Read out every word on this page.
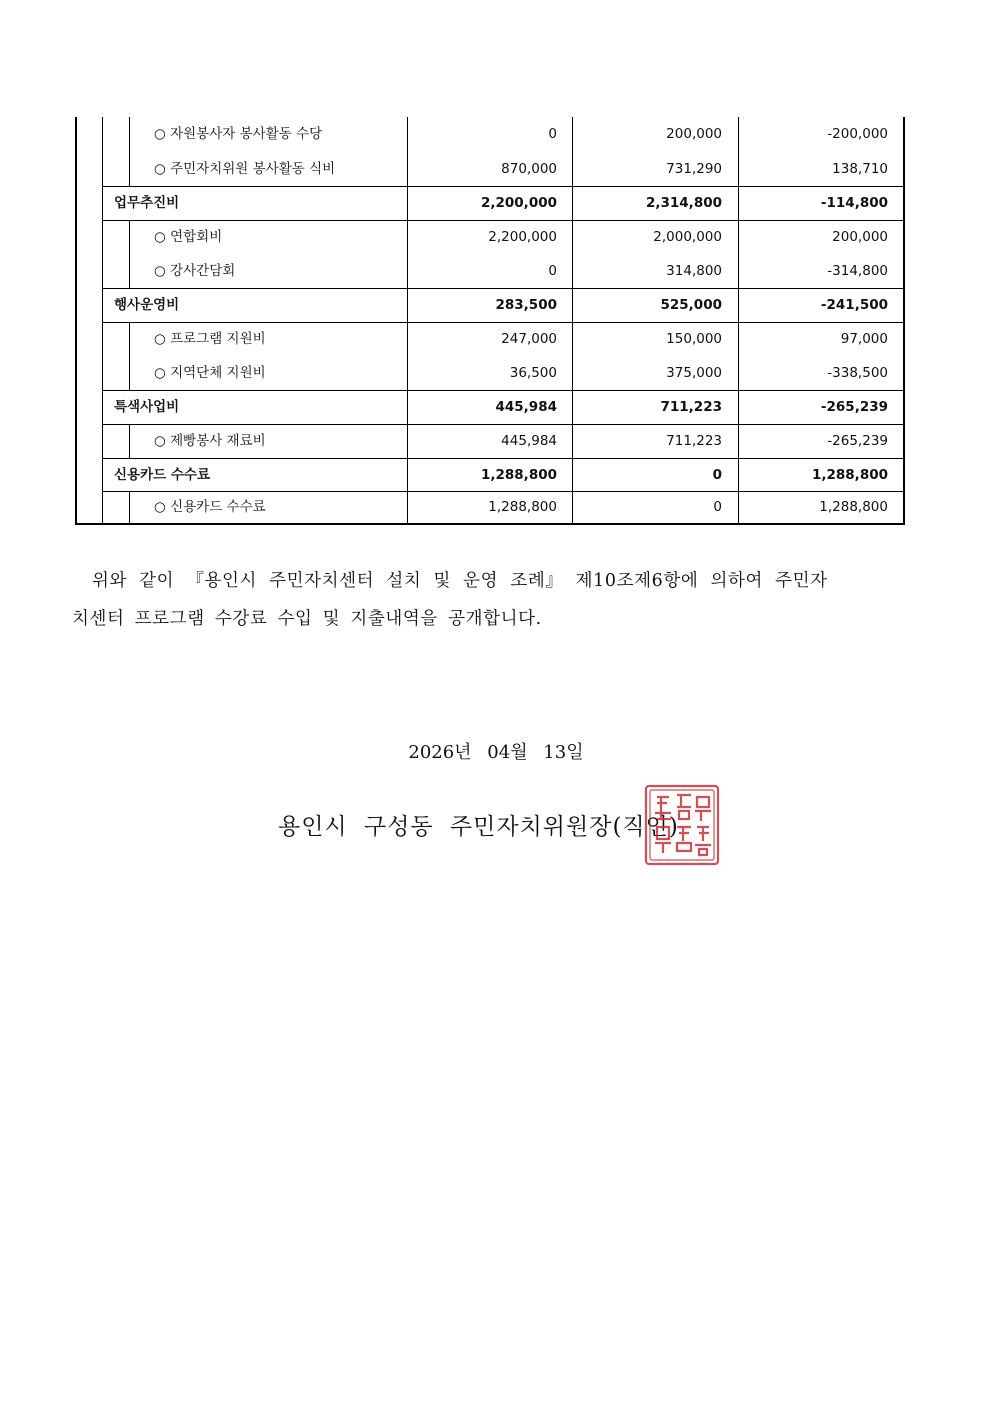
○ 자원봉사자 봉사활동 수당	0	200,000	-200,000
○ 주민자치위원 봉사활동 식비	870,000	731,290	138,710
업무추진비	2,200,000	2,314,800	-114,800
○ 연합회비	2,200,000	2,000,000	200,000
○ 강사간담회	0	314,800	-314,800
행사운영비	283,500	525,000	-241,500
○ 프로그램 지원비	247,000	150,000	97,000
○ 지역단체 지원비	36,500	375,000	-338,500
특색사업비	445,984	711,223	-265,239
○ 제빵봉사 재료비	445,984	711,223	-265,239
신용카드 수수료	1,288,800	0	1,288,800
○ 신용카드 수수료	1,288,800	0	1,288,800
위와 같이 『용인시 주민자치센터 설치 및 운영 조례』 제10조제6항에 의하여 주민자
치센터 프로그램 수강료 수입 및 지출내역을 공개합니다.
2026년 04월 13일
용인시 구성동 주민자치위원장(직인)
